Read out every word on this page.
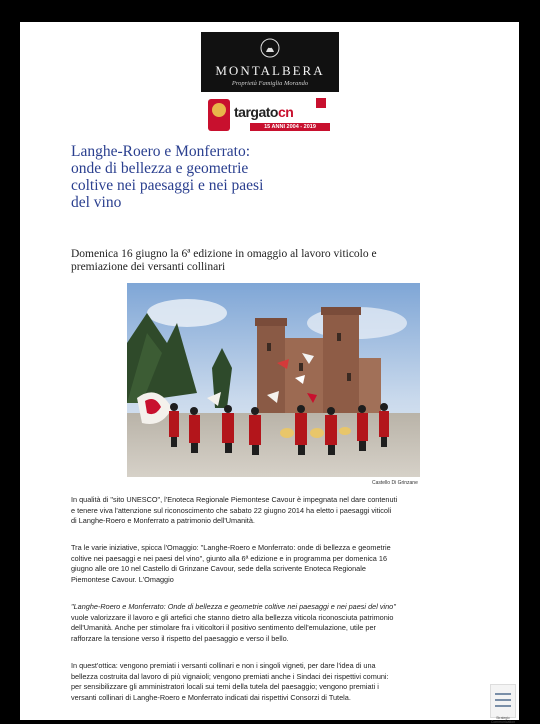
MONTALBERA
Proprietà Famiglia Morando
targatocn
15 ANNI 2004 - 2019
Langhe-Roero e Monferrato:
onde di bellezza e geometrie
coltive nei paesaggi e nei paesi
del vino
Domenica 16 giugno la 6ª edizione in omaggio al lavoro viticolo e
premiazione dei versanti collinari
Castello Di Grinzane
In qualità di "sito UNESCO", l'Enoteca Regionale Piemontese Cavour è impegnata nel dare contenuti
e tenere viva l'attenzione sul riconoscimento che sabato 22 giugno 2014 ha eletto i paesaggi viticoli
di Langhe-Roero e Monferrato a patrimonio dell'Umanità.
Tra le varie iniziative, spicca l'Omaggio: "Langhe-Roero e Monferrato: onde di bellezza e geometrie
coltive nei paesaggi e nei paesi del vino", giunto alla 6ª edizione e in programma per domenica 16
giugno alle ore 10 nel Castello di Grinzane Cavour, sede della scrivente Enoteca Regionale
Piemontese Cavour. L'Omaggio
"Langhe-Roero e Monferrato: Onde di bellezza e geometrie coltive nei paesaggi e nei paesi del vino"
vuole valorizzare il lavoro e gli artefici che stanno dietro alla bellezza viticola riconosciuta patrimonio
dell'Umanità. Anche per stimolare fra i viticoltori il positivo sentimento dell'emulazione, utile per
rafforzare la tensione verso il rispetto del paesaggio e verso il bello.
In quest'ottica: vengono premiati i versanti collinari e non i singoli vigneti, per dare l'idea di una
bellezza costruita dal lavoro di più vignaioli; vengono premiati anche i Sindaci dei rispettivi comuni:
per sensibilizzare gli amministratori locali sui temi della tutela del paesaggio; vengono premiati i
versanti collinari di Langhe-Roero e Monferrato indicati dai rispettivi Consorzi di Tutela.
Strategic Communication
